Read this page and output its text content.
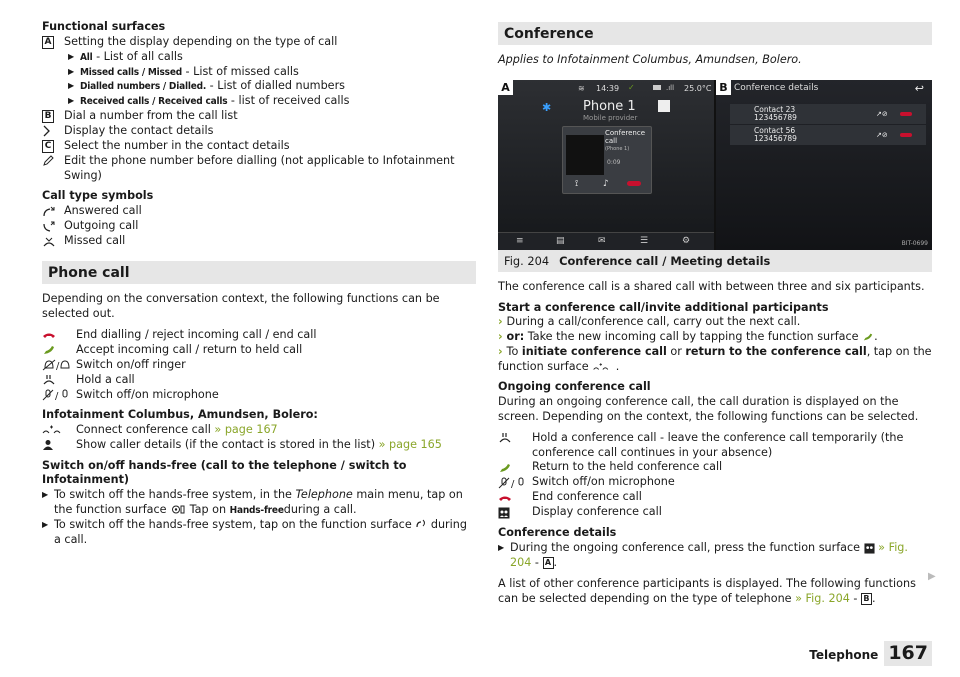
Functional surfaces
A Setting the display depending on the type of call
▶ All - List of all calls
▶ Missed calls / Missed - List of missed calls
▶ Dialled numbers / Dialled. - List of dialled numbers
▶ Received calls / Received calls - list of received calls
B Dial a number from the call list
Display the contact details
C Select the number in the contact details
Edit the phone number before dialling (not applicable to Infotainment Swing)
Call type symbols
Answered call
Outgoing call
Missed call
Phone call
Depending on the conversation context, the following functions can be selected out.
End dialling / reject incoming call / end call
Accept incoming call / return to held call
/ Switch on/off ringer
Hold a call
/ Switch off/on microphone
Infotainment Columbus, Amundsen, Bolero:
Connect conference call » page 167
Show caller details (if the contact is stored in the list) » page 165
Switch on/off hands-free (call to the telephone / switch to Infotainment)
▶ To switch off the hands-free system, in the Telephone main menu, tap on the function surface
Tap on Hands-freeduring a call.
▶ To switch off the hands-free system, tap on the function surface
during a call.
Conference
Applies to Infotainment Columbus, Amundsen, Bolero.
A	14:39
≋	✓	.ıll 25.0°C
✱ Phone 1
Mobile provider
Conference
call
(Phone 1)
0:09
⟟	♪
≡	▤	✉	☰	⚙
B Conference details	↩
Contact 23
123456789	↗⊘
Contact 56
123456789	↗⊘
BIT-0699
Fig. 204 Conference call / Meeting details
The conference call is a shared call with between three and six participants.
Start a conference call/invite additional participants
› During a call/conference call, carry out the next call.
› or: Take the new incoming call by tapping the function surface
.
› To initiate conference call or return to the conference call, tap on the function surface
.
Ongoing conference call
During an ongoing conference call, the call duration is displayed on the screen. Depending on the context, the following functions can be selected.
Hold a conference call - leave the conference call temporarily (the conference call continues in your absence)
Return to the held conference call
/ Switch off/on microphone
End conference call
Display conference call
Conference details
▶ During the ongoing conference call, press the function surface
» Fig. 204 - A .
A list of other conference participants is displayed. The following functions can be selected depending on the type of telephone » Fig. 204 - B .
▶
Telephone 167
